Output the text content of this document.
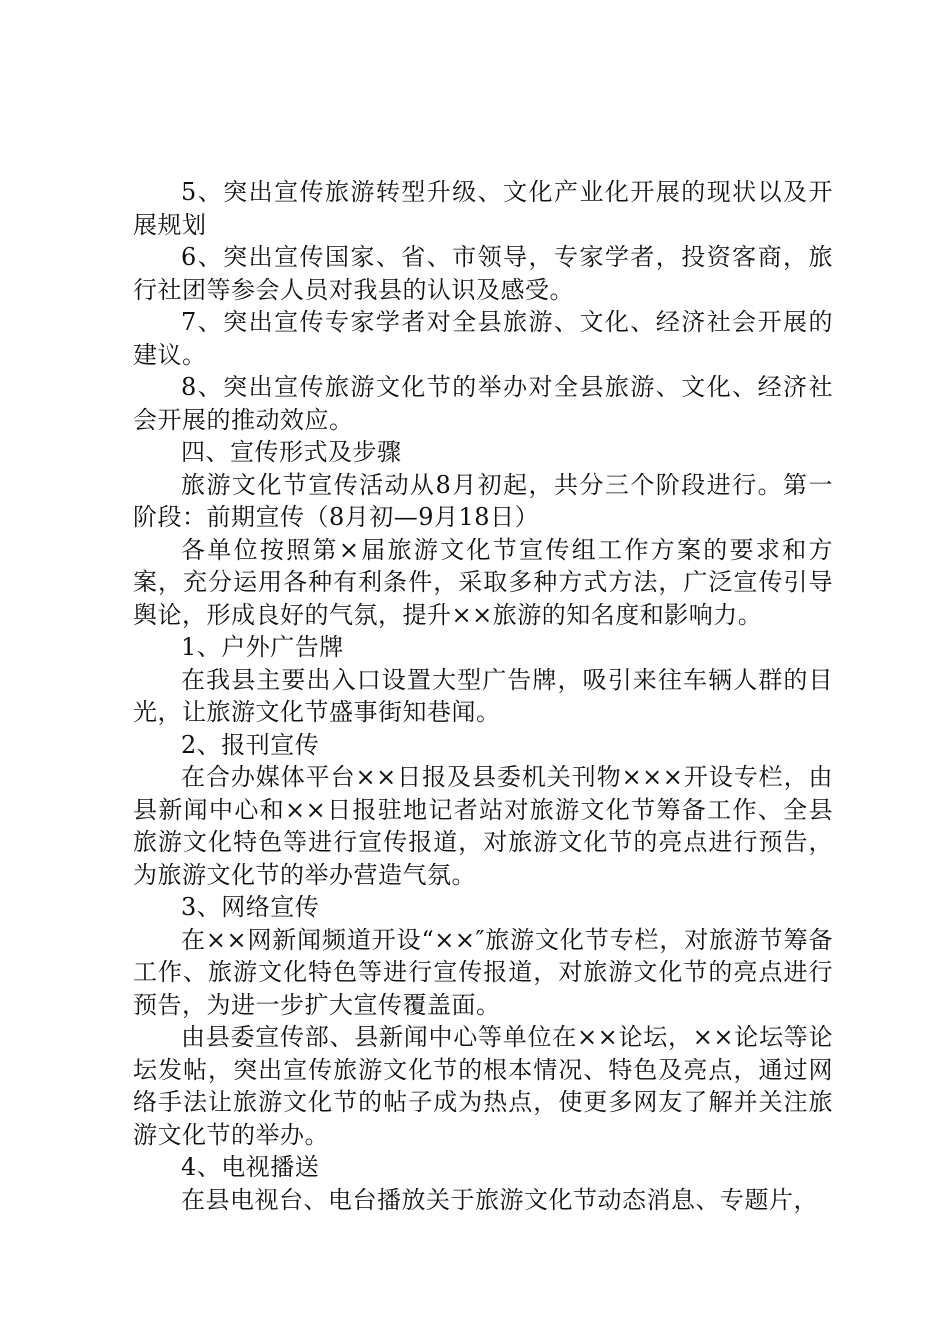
5、突出宣传旅游转型升级、文化产业化开展的现状以及开展规划

6、突出宣传国家、省、市领导，专家学者，投资客商，旅行社团等参会人员对我县的认识及感受。

7、突出宣传专家学者对全县旅游、文化、经济社会开展的建议。

8、突出宣传旅游文化节的举办对全县旅游、文化、经济社会开展的推动效应。

四、宣传形式及步骤

旅游文化节宣传活动从8月初起，共分三个阶段进行。第一阶段：前期宣传（8月初—9月18日）

各单位按照第×届旅游文化节宣传组工作方案的要求和方案，充分运用各种有利条件，采取多种方式方法，广泛宣传引导舆论，形成良好的气氛，提升××旅游的知名度和影响力。

1、户外广告牌

在我县主要出入口设置大型广告牌，吸引来往车辆人群的目光，让旅游文化节盛事街知巷闻。

2、报刊宣传

在合办媒体平台××日报及县委机关刊物×××开设专栏，由县新闻中心和××日报驻地记者站对旅游文化节筹备工作、全县旅游文化特色等进行宣传报道，对旅游文化节的亮点进行预告，为旅游文化节的举办营造气氛。

3、网络宣传

在××网新闻频道开设“××″旅游文化节专栏，对旅游节筹备工作、旅游文化特色等进行宣传报道，对旅游文化节的亮点进行预告，为进一步扩大宣传覆盖面。

由县委宣传部、县新闻中心等单位在××论坛，××论坛等论坛发帖，突出宣传旅游文化节的根本情况、特色及亮点，通过网络手法让旅游文化节的帖子成为热点，使更多网友了解并关注旅游文化节的举办。

4、电视播送

在县电视台、电台播放关于旅游文化节动态消息、专题片，
